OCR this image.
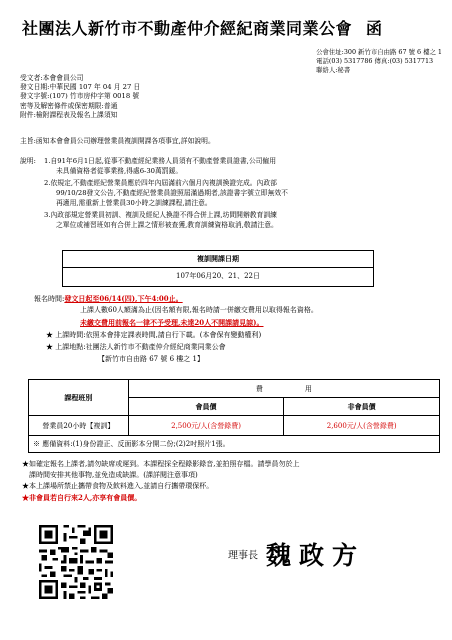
社團法人新竹市不動產仲介經紀商業同業公會 函
公會住址:300 新竹市自由路 67 號 6 樓之 1
電話(03) 5317786 傳真:(03) 5317713
聯絡人:秘書
受文者:本會會員公司
發文日期:中華民國 107 年 04 月 27 日
發文字號:(107) 竹市房仲字第 0018 號
密等及解密條件或保密期限:普通
附件:檢附課程表及報名上課須知
主旨:函知本會會員公司辦理營業員複訓開課各項事宜,詳如說明。
說明: 1.自91年6月1日起,從事不動產經紀業務人員須有不動產營業員證書,公司僱用
未具備資格者從事業務,得處6-30萬罰鍰。
2.依規定,不動產經紀營業員應於四年內屆滿前六個月內複訓換證完成。內政部
99/10/28發文公告,不動產經紀營業員證照屆滿過期者,該證書字號立即無效不
再適用,需重新上營業員30小時之訓練課程,請注意。
3.內政部規定營業員初訓、複訓及經紀人換證不得合併上課,坊間開辦教育訓練
之單位或補習班如有合併上課之情形被查獲,教育訓練資格取消,敬請注意。
複訓開課日期
107年06月20、21、22日
報名時間:發文日起至06/14(四),下午4:00止。
上課人數60人額滿為止(因名額有限,報名時請一併繳交費用以取得報名資格。
未繳交費用前報名一律不予受理,未達20人不開課請見諒)。
★ 上課時間:依照本會排定課表時間,請自行下載。(本會保有變動權利)
★ 上課地點:社團法人新竹市不動產仲介經紀商業同業公會
【新竹市自由路 67 號 6 樓之 1】
課程班別	費　　　　　　用	
	會員價	非會員價
營業員20小時【複訓】	2,500元/人(含營錄費)	2,600元/人(含營錄費)
※ 應備資料:(1)身份證正、反面影本分開二份;(2)2吋照片1張。		
★如確定報名上課者,請勿缺席或遲到。本課程採全程錄影錄音,並拍照存檔。請學員勿於上
　課時間安排其他事物,並免造成缺課。(課詳閱注意事項)
★本上課場所禁止攜帶食物及飲料進入,並請自行攜帶環保杯。
★非會員若自行來2人,亦享有會員價。
理事長 魏政方
